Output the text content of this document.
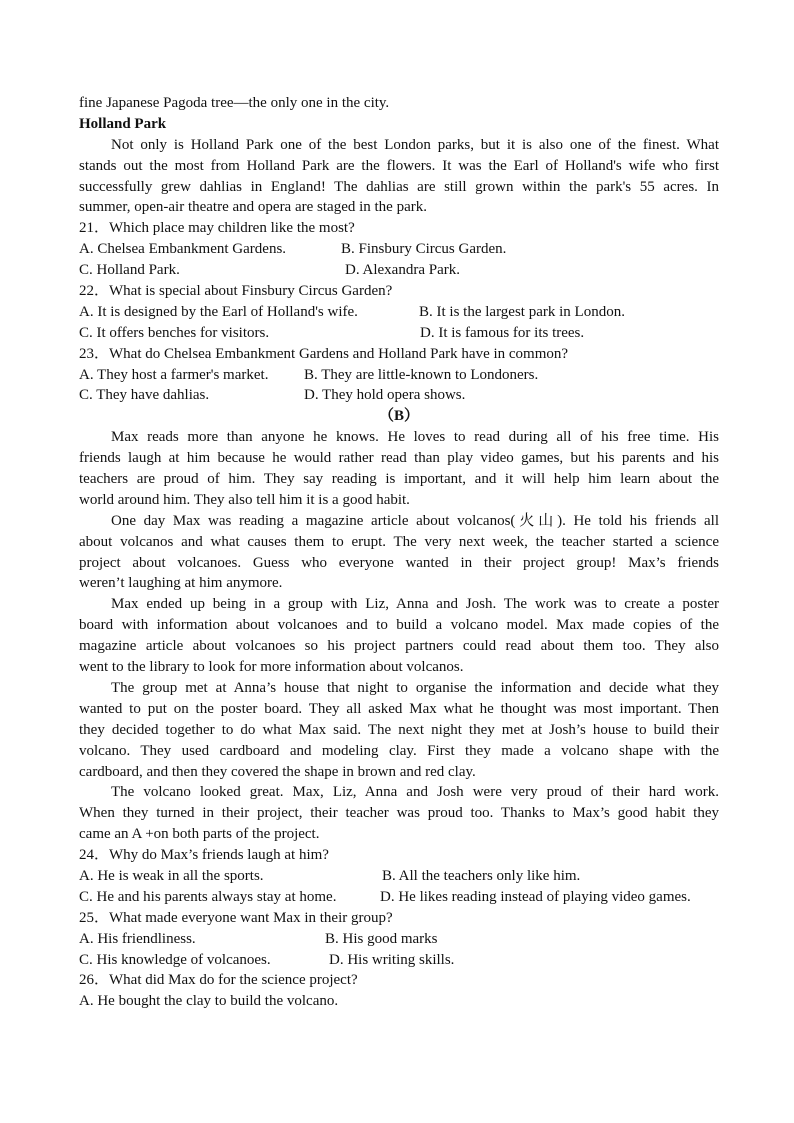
fine Japanese Pagoda tree—the only one in the city.
Holland Park
Not only is Holland Park one of the best London parks, but it is also one of the finest. What
stands out the most from Holland Park are the flowers. It was the Earl of Holland's wife who first
successfully grew dahlias in England! The dahlias are still grown within the park's 55 acres. In
summer, open-air theatre and opera are staged in the park.
21．Which place may children like the most?
A. Chelsea Embankment Gardens.	B. Finsbury Circus Garden.
C. Holland Park.	D. Alexandra Park.
22．What is special about Finsbury Circus Garden?
A. It is designed by the Earl of Holland's wife.	B. It is the largest park in London.
C. It offers benches for visitors.	D. It is famous for its trees.
23．What do Chelsea Embankment Gardens and Holland Park have in common?
A. They host a farmer's market. B. They are little-known to Londoners.
C. They have dahlias.	D. They hold opera shows.
（B）
Max reads more than anyone he knows. He loves to read during all of his free time. His
friends laugh at him because he would rather read than play video games, but his parents and his
teachers are proud of him. They say reading is important, and it will help him learn about the
world around him. They also tell him it is a good habit.
One day Max was reading a magazine article about volcanos(火山). He told his friends all
about volcanos and what causes them to erupt. The very next week, the teacher started a science
project about volcanoes. Guess who everyone wanted in their project group! Max’s friends
weren’t laughing at him anymore.
Max ended up being in a group with Liz, Anna and Josh. The work was to create a poster
board with information about volcanoes and to build a volcano model. Max made copies of the
magazine article about volcanoes so his project partners could read about them too. They also
went to the library to look for more information about volcanos.
The group met at Anna’s house that night to organise the information and decide what they
wanted to put on the poster board. They all asked Max what he thought was most important. Then
they decided together to do what Max said. The next night they met at Josh’s house to build their
volcano. They used cardboard and modeling clay. First they made a volcano shape with the
cardboard, and then they covered the shape in brown and red clay.
The volcano looked great. Max, Liz, Anna and Josh were very proud of their hard work.
When they turned in their project, their teacher was proud too. Thanks to Max’s good habit they
came an A +on both parts of the project.
24．Why do Max’s friends laugh at him?
A. He is weak in all the sports.	B. All the teachers only like him.
C. He and his parents always stay at home.	D. He likes reading instead of playing video games.
25．What made everyone want Max in their group?
A. His friendliness.	B. His good marks
C. His knowledge of volcanoes.	D. His writing skills.
26．What did Max do for the science project?
A. He bought the clay to build the volcano.
